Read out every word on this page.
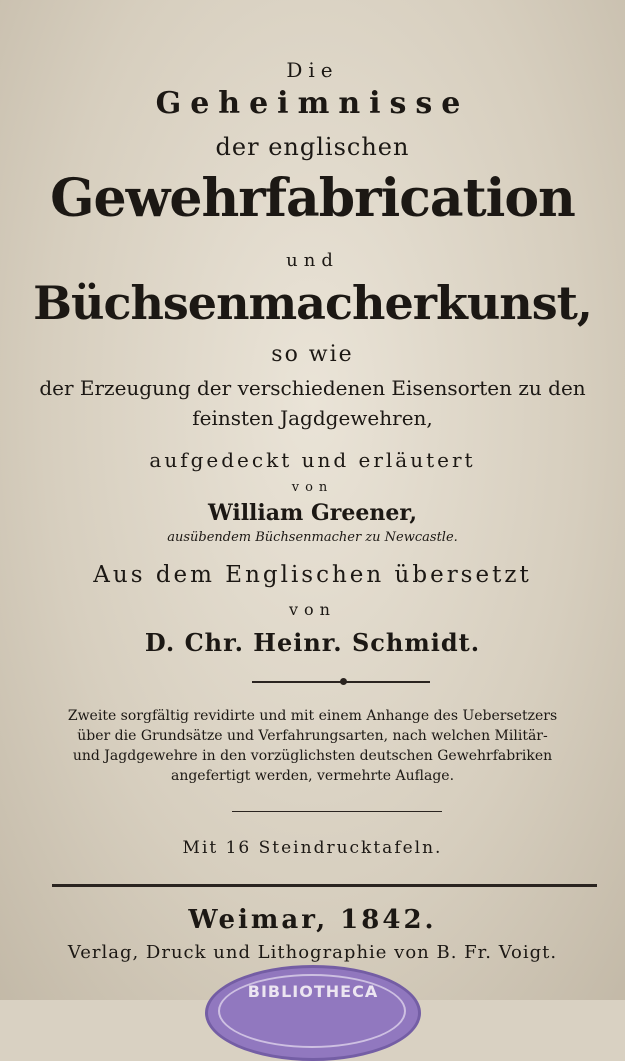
Die

Geheimnisse

der englischen

Gewehrfabrication

und

Büchsenmacherkunst,

so wie

der Erzeugung der verschiedenen Eisensorten zu den

feinsten Jagdgewehren,

aufgedeckt und erläutert

von

William Greener,

ausübendem Büchsenmacher zu Newcastle.

Aus dem Englischen übersetzt

von

D. Chr. Heinr. Schmidt.

Zweite sorgfältig revidirte und mit einem Anhange des Uebersetzers

über die Grundsätze und Verfahrungsarten, nach welchen Militär-

und Jagdgewehre in den vorzüglichsten deutschen Gewehrfabriken

angefertigt werden, vermehrte Auflage.

Mit 16 Steindrucktafeln.

Weimar, 1842.

Verlag, Druck und Lithographie von B. Fr. Voigt.

BIBLIOTHECA
